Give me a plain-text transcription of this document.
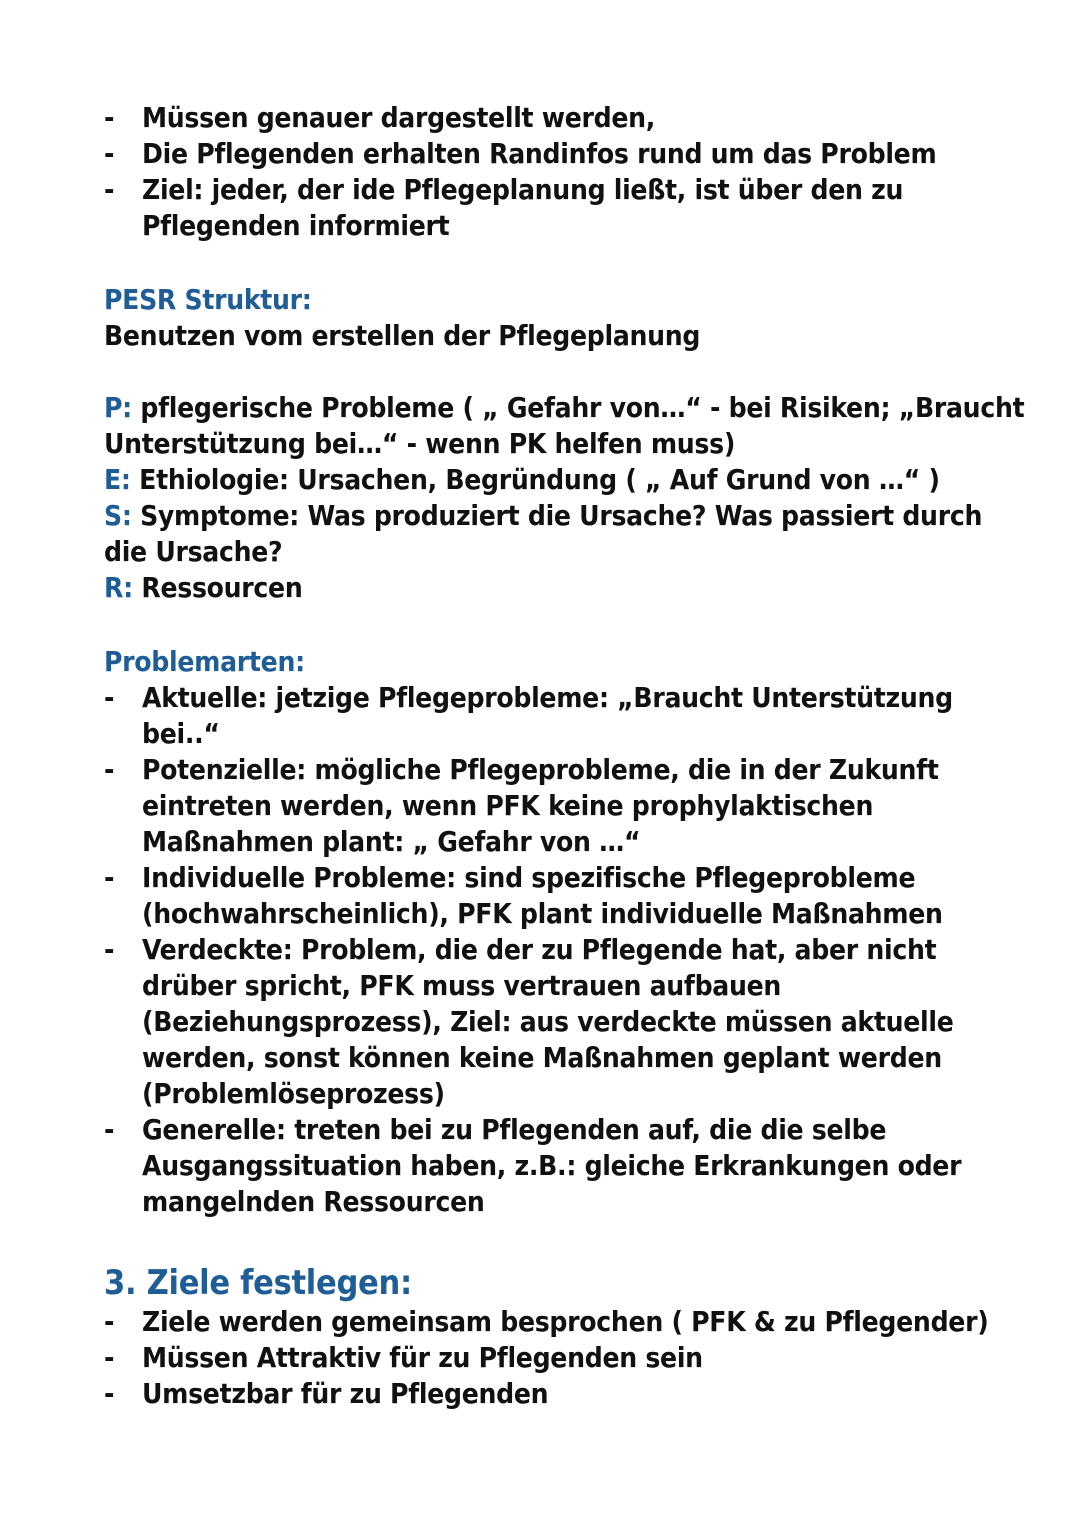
- Müssen genauer dargestellt werden,
- Die Pflegenden erhalten Randinfos rund um das Problem
- Ziel: jeder, der ide Pflegeplanung ließt, ist über den zu
Pflegenden informiert
PESR Struktur:
Benutzen vom erstellen der Pflegeplanung
P: pflegerische Probleme ( „ Gefahr von…“ - bei Risiken; „Braucht
Unterstützung bei…“ - wenn PK helfen muss)
E: Ethiologie: Ursachen, Begründung ( „ Auf Grund von …“ )
S: Symptome: Was produziert die Ursache? Was passiert durch
die Ursache?
R: Ressourcen
Problemarten:
- Aktuelle: jetzige Pflegeprobleme: „Braucht Unterstützung
bei..“
- Potenzielle: mögliche Pflegeprobleme, die in der Zukunft
eintreten werden, wenn PFK keine prophylaktischen
Maßnahmen plant: „ Gefahr von …“
- Individuelle Probleme: sind spezifische Pflegeprobleme
(hochwahrscheinlich), PFK plant individuelle Maßnahmen
- Verdeckte: Problem, die der zu Pflegende hat, aber nicht
drüber spricht, PFK muss vertrauen aufbauen
(Beziehungsprozess), Ziel: aus verdeckte müssen aktuelle
werden, sonst können keine Maßnahmen geplant werden
(Problemlöseprozess)
- Generelle: treten bei zu Pflegenden auf, die die selbe
Ausgangssituation haben, z.B.: gleiche Erkrankungen oder
mangelnden Ressourcen
3. Ziele festlegen:
- Ziele werden gemeinsam besprochen ( PFK & zu Pflegender)
- Müssen Attraktiv für zu Pflegenden sein
- Umsetzbar für zu Pflegenden
